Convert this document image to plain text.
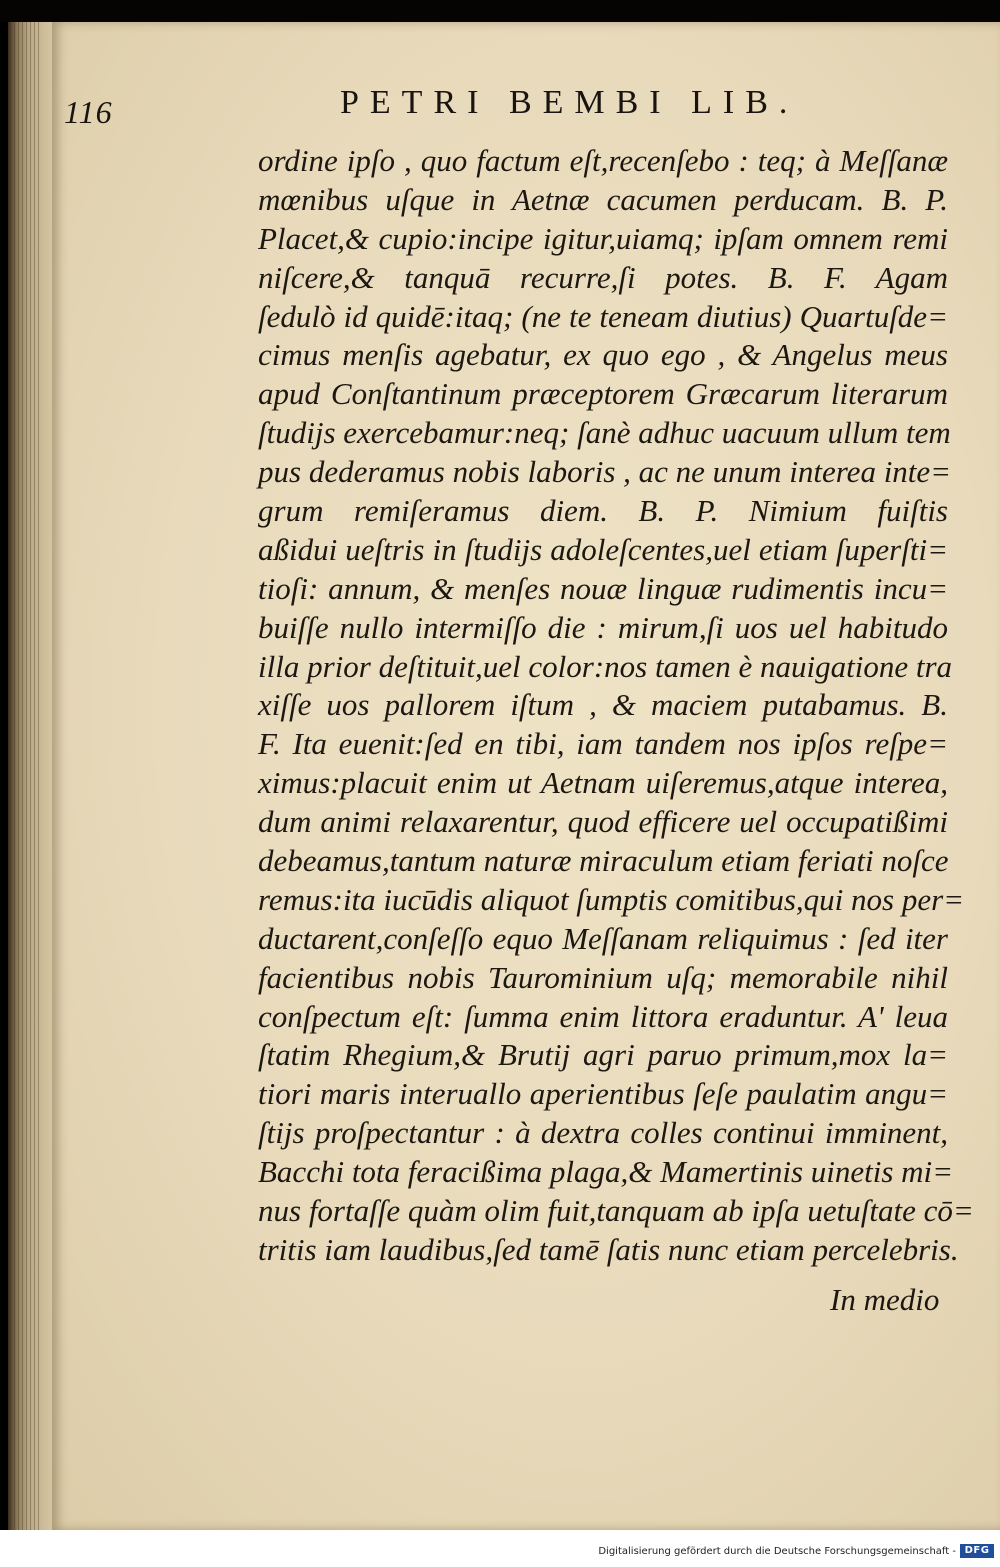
116	PETRI BEMBI LIB.
ordine ipſo , quo factum eſt,recenſebo : teq; à Meſſanæ
mœnibus uſque in Aetnæ cacumen perducam. B. P.
Placet,& cupio:incipe igitur,uiamq; ipſam omnem remi
niſcere,& tanquā recurre,ſi potes. B. F. Agam
ſedulò id quidē:itaq; (ne te teneam diutius) Quartuſde=
cimus menſis agebatur, ex quo ego , & Angelus meus
apud Conſtantinum præceptorem Græcarum literarum
ſtudijs exercebamur:neq; ſanè adhuc uacuum ullum tem
pus dederamus nobis laboris , ac ne unum interea inte=
grum remiſeramus diem. B. P. Nimium fuiſtis
aßidui ueſtris in ſtudijs adoleſcentes,uel etiam ſuperſti=
tioſi: annum, & menſes nouæ linguæ rudimentis incu=
buiſſe nullo intermiſſo die : mirum,ſi uos uel habitudo
illa prior deſtituit,uel color:nos tamen è nauigatione tra
xiſſe uos pallorem iſtum , & maciem putabamus. B.
F. Ita euenit:ſed en tibi, iam tandem nos ipſos reſpe=
ximus:placuit enim ut Aetnam uiſeremus,atque interea,
dum animi relaxarentur, quod efficere uel occupatißimi
debeamus,tantum naturæ miraculum etiam feriati noſce
remus:ita iucūdis aliquot ſumptis comitibus,qui nos per=
ductarent,conſeſſo equo Meſſanam reliquimus : ſed iter
facientibus nobis Taurominium uſq; memorabile nihil
conſpectum eſt: ſumma enim littora eraduntur. A' leua
ſtatim Rhegium,& Brutij agri paruo primum,mox la=
tiori maris interuallo aperientibus ſeſe paulatim angu=
ſtijs proſpectantur : à dextra colles continui imminent,
Bacchi tota feracißima plaga,& Mamertinis uinetis mi=
nus fortaſſe quàm olim fuit,tanquam ab ipſa uetuſtate cō=
tritis iam laudibus,ſed tamē ſatis nunc etiam percelebris.
In medio
Digitalisierung gefördert durch die Deutsche Forschungsgemeinschaft - DFG
